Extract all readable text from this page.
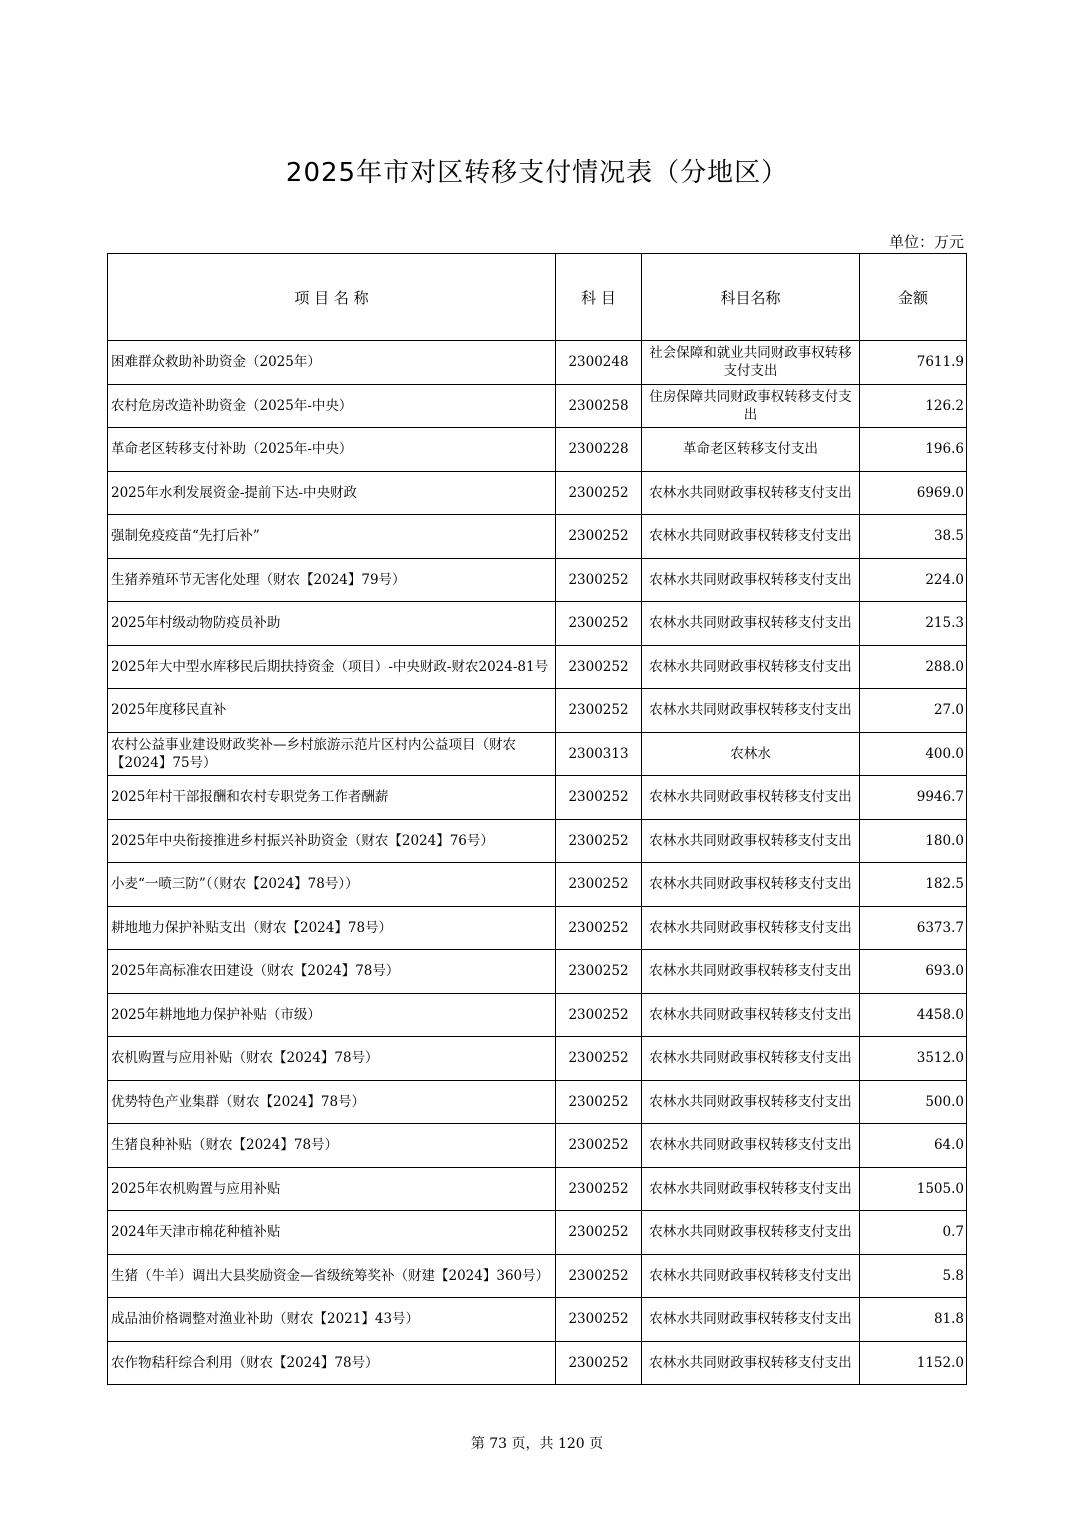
2025年市对区转移支付情况表（分地区）
单位：万元
项 目 名 称	科 目	科目名称	金额
困难群众救助补助资金（2025年）	2300248	社会保障和就业共同财政事权转移支付支出	7611.9
农村危房改造补助资金（2025年-中央）	2300258	住房保障共同财政事权转移支付支出	126.2
革命老区转移支付补助（2025年-中央）	2300228	革命老区转移支付支出	196.6
2025年水利发展资金-提前下达-中央财政	2300252	农林水共同财政事权转移支付支出	6969.0
强制免疫疫苗“先打后补”	2300252	农林水共同财政事权转移支付支出	38.5
生猪养殖环节无害化处理（财农【2024】79号）	2300252	农林水共同财政事权转移支付支出	224.0
2025年村级动物防疫员补助	2300252	农林水共同财政事权转移支付支出	215.3
2025年大中型水库移民后期扶持资金（项目）-中央财政-财农2024-81号	2300252	农林水共同财政事权转移支付支出	288.0
2025年度移民直补	2300252	农林水共同财政事权转移支付支出	27.0
农村公益事业建设财政奖补—乡村旅游示范片区村内公益项目（财农【2024】75号）	2300313	农林水	400.0
2025年村干部报酬和农村专职党务工作者酬薪	2300252	农林水共同财政事权转移支付支出	9946.7
2025年中央衔接推进乡村振兴补助资金（财农【2024】76号）	2300252	农林水共同财政事权转移支付支出	180.0
小麦“一喷三防”（（财农【2024】78号））	2300252	农林水共同财政事权转移支付支出	182.5
耕地地力保护补贴支出（财农【2024】78号）	2300252	农林水共同财政事权转移支付支出	6373.7
2025年高标准农田建设（财农【2024】78号）	2300252	农林水共同财政事权转移支付支出	693.0
2025年耕地地力保护补贴（市级）	2300252	农林水共同财政事权转移支付支出	4458.0
农机购置与应用补贴（财农【2024】78号）	2300252	农林水共同财政事权转移支付支出	3512.0
优势特色产业集群（财农【2024】78号）	2300252	农林水共同财政事权转移支付支出	500.0
生猪良种补贴（财农【2024】78号）	2300252	农林水共同财政事权转移支付支出	64.0
2025年农机购置与应用补贴	2300252	农林水共同财政事权转移支付支出	1505.0
2024年天津市棉花种植补贴	2300252	农林水共同财政事权转移支付支出	0.7
生猪（牛羊）调出大县奖励资金—省级统筹奖补（财建【2024】360号）	2300252	农林水共同财政事权转移支付支出	5.8
成品油价格调整对渔业补助（财农【2021】43号）	2300252	农林水共同财政事权转移支付支出	81.8
农作物秸秆综合利用（财农【2024】78号）	2300252	农林水共同财政事权转移支付支出	1152.0
第 73 页，共 120 页
